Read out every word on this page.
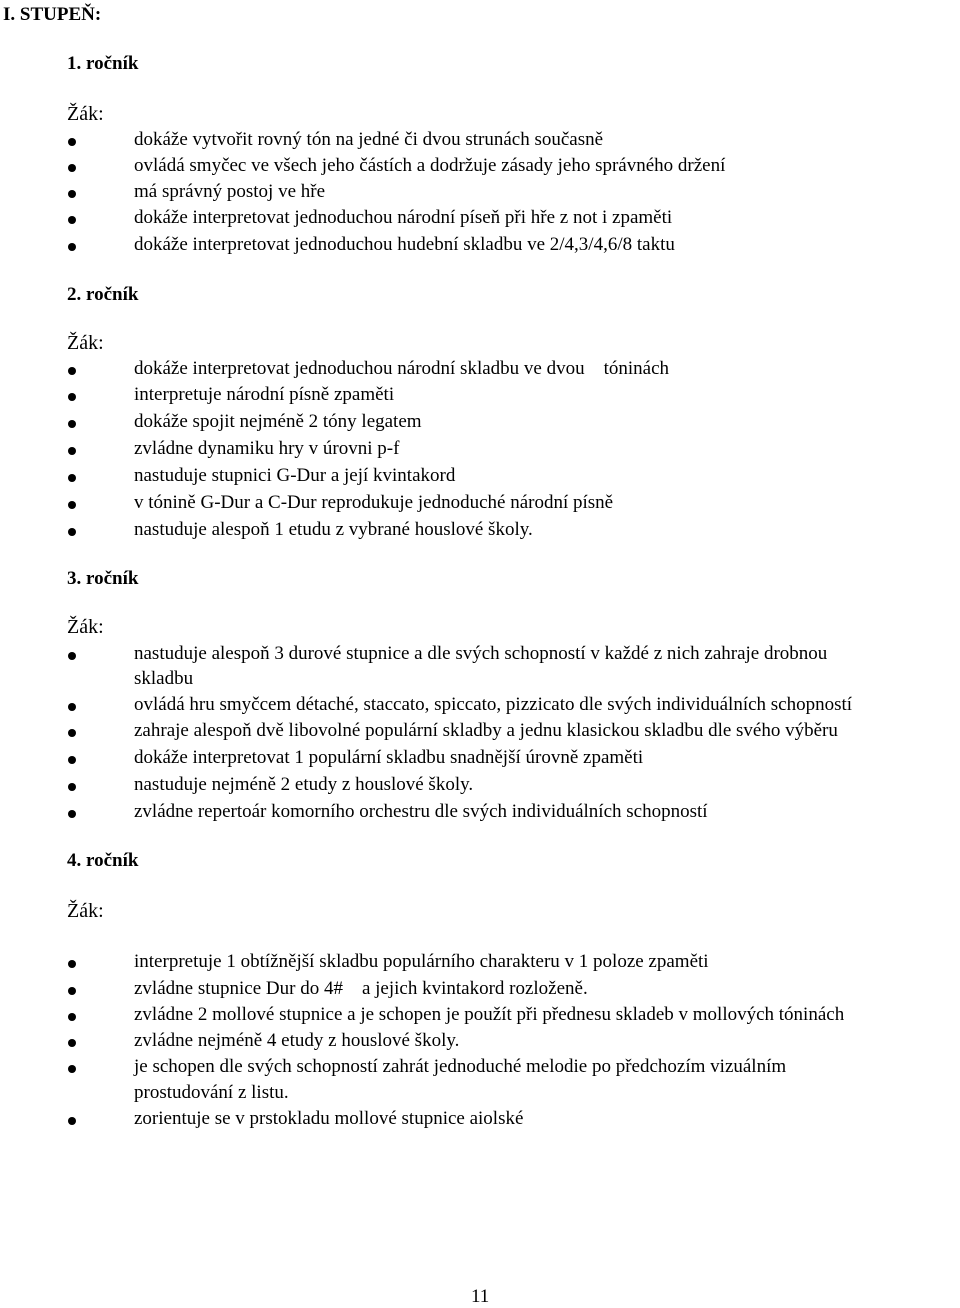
I. STUPEŇ:
1. ročník
Žák:
dokáže vytvořit rovný tón na jedné či dvou strunách současně
ovládá smyčec ve všech jeho částích a dodržuje zásady jeho správného držení
má správný postoj ve hře
dokáže interpretovat jednoduchou národní píseň při hře z not i zpaměti
dokáže interpretovat jednoduchou hudební skladbu ve 2/4,3/4,6/8 taktu
2. ročník
Žák:
dokáže interpretovat jednoduchou národní skladbu ve dvou    tóninách
interpretuje národní písně zpaměti
dokáže spojit nejméně 2 tóny legatem
zvládne dynamiku hry v úrovni p-f
nastuduje stupnici G-Dur a její kvintakord
v tónině G-Dur a C-Dur reprodukuje jednoduché národní písně
nastuduje alespoň 1 etudu z vybrané houslové školy.
3. ročník
Žák:
nastuduje alespoň 3 durové stupnice a dle svých schopností v každé z nich zahraje drobnou
skladbu
ovládá hru smyčcem détaché, staccato, spiccato, pizzicato dle svých individuálních schopností
zahraje alespoň dvě libovolné populární skladby a jednu klasickou skladbu dle svého výběru
dokáže interpretovat 1 populární skladbu snadnější úrovně zpaměti
nastuduje nejméně 2 etudy z houslové školy.
zvládne repertoár komorního orchestru dle svých individuálních schopností
4. ročník
Žák:
interpretuje 1 obtížnější skladbu populárního charakteru v 1 poloze zpaměti
zvládne stupnice Dur do 4#    a jejich kvintakord rozloženě.
zvládne 2 mollové stupnice a je schopen je použít při přednesu skladeb v mollových tóninách
zvládne nejméně 4 etudy z houslové školy.
je schopen dle svých schopností zahrát jednoduché melodie po předchozím vizuálním
prostudování z listu.
zorientuje se v prstokladu mollové stupnice aiolské
11
